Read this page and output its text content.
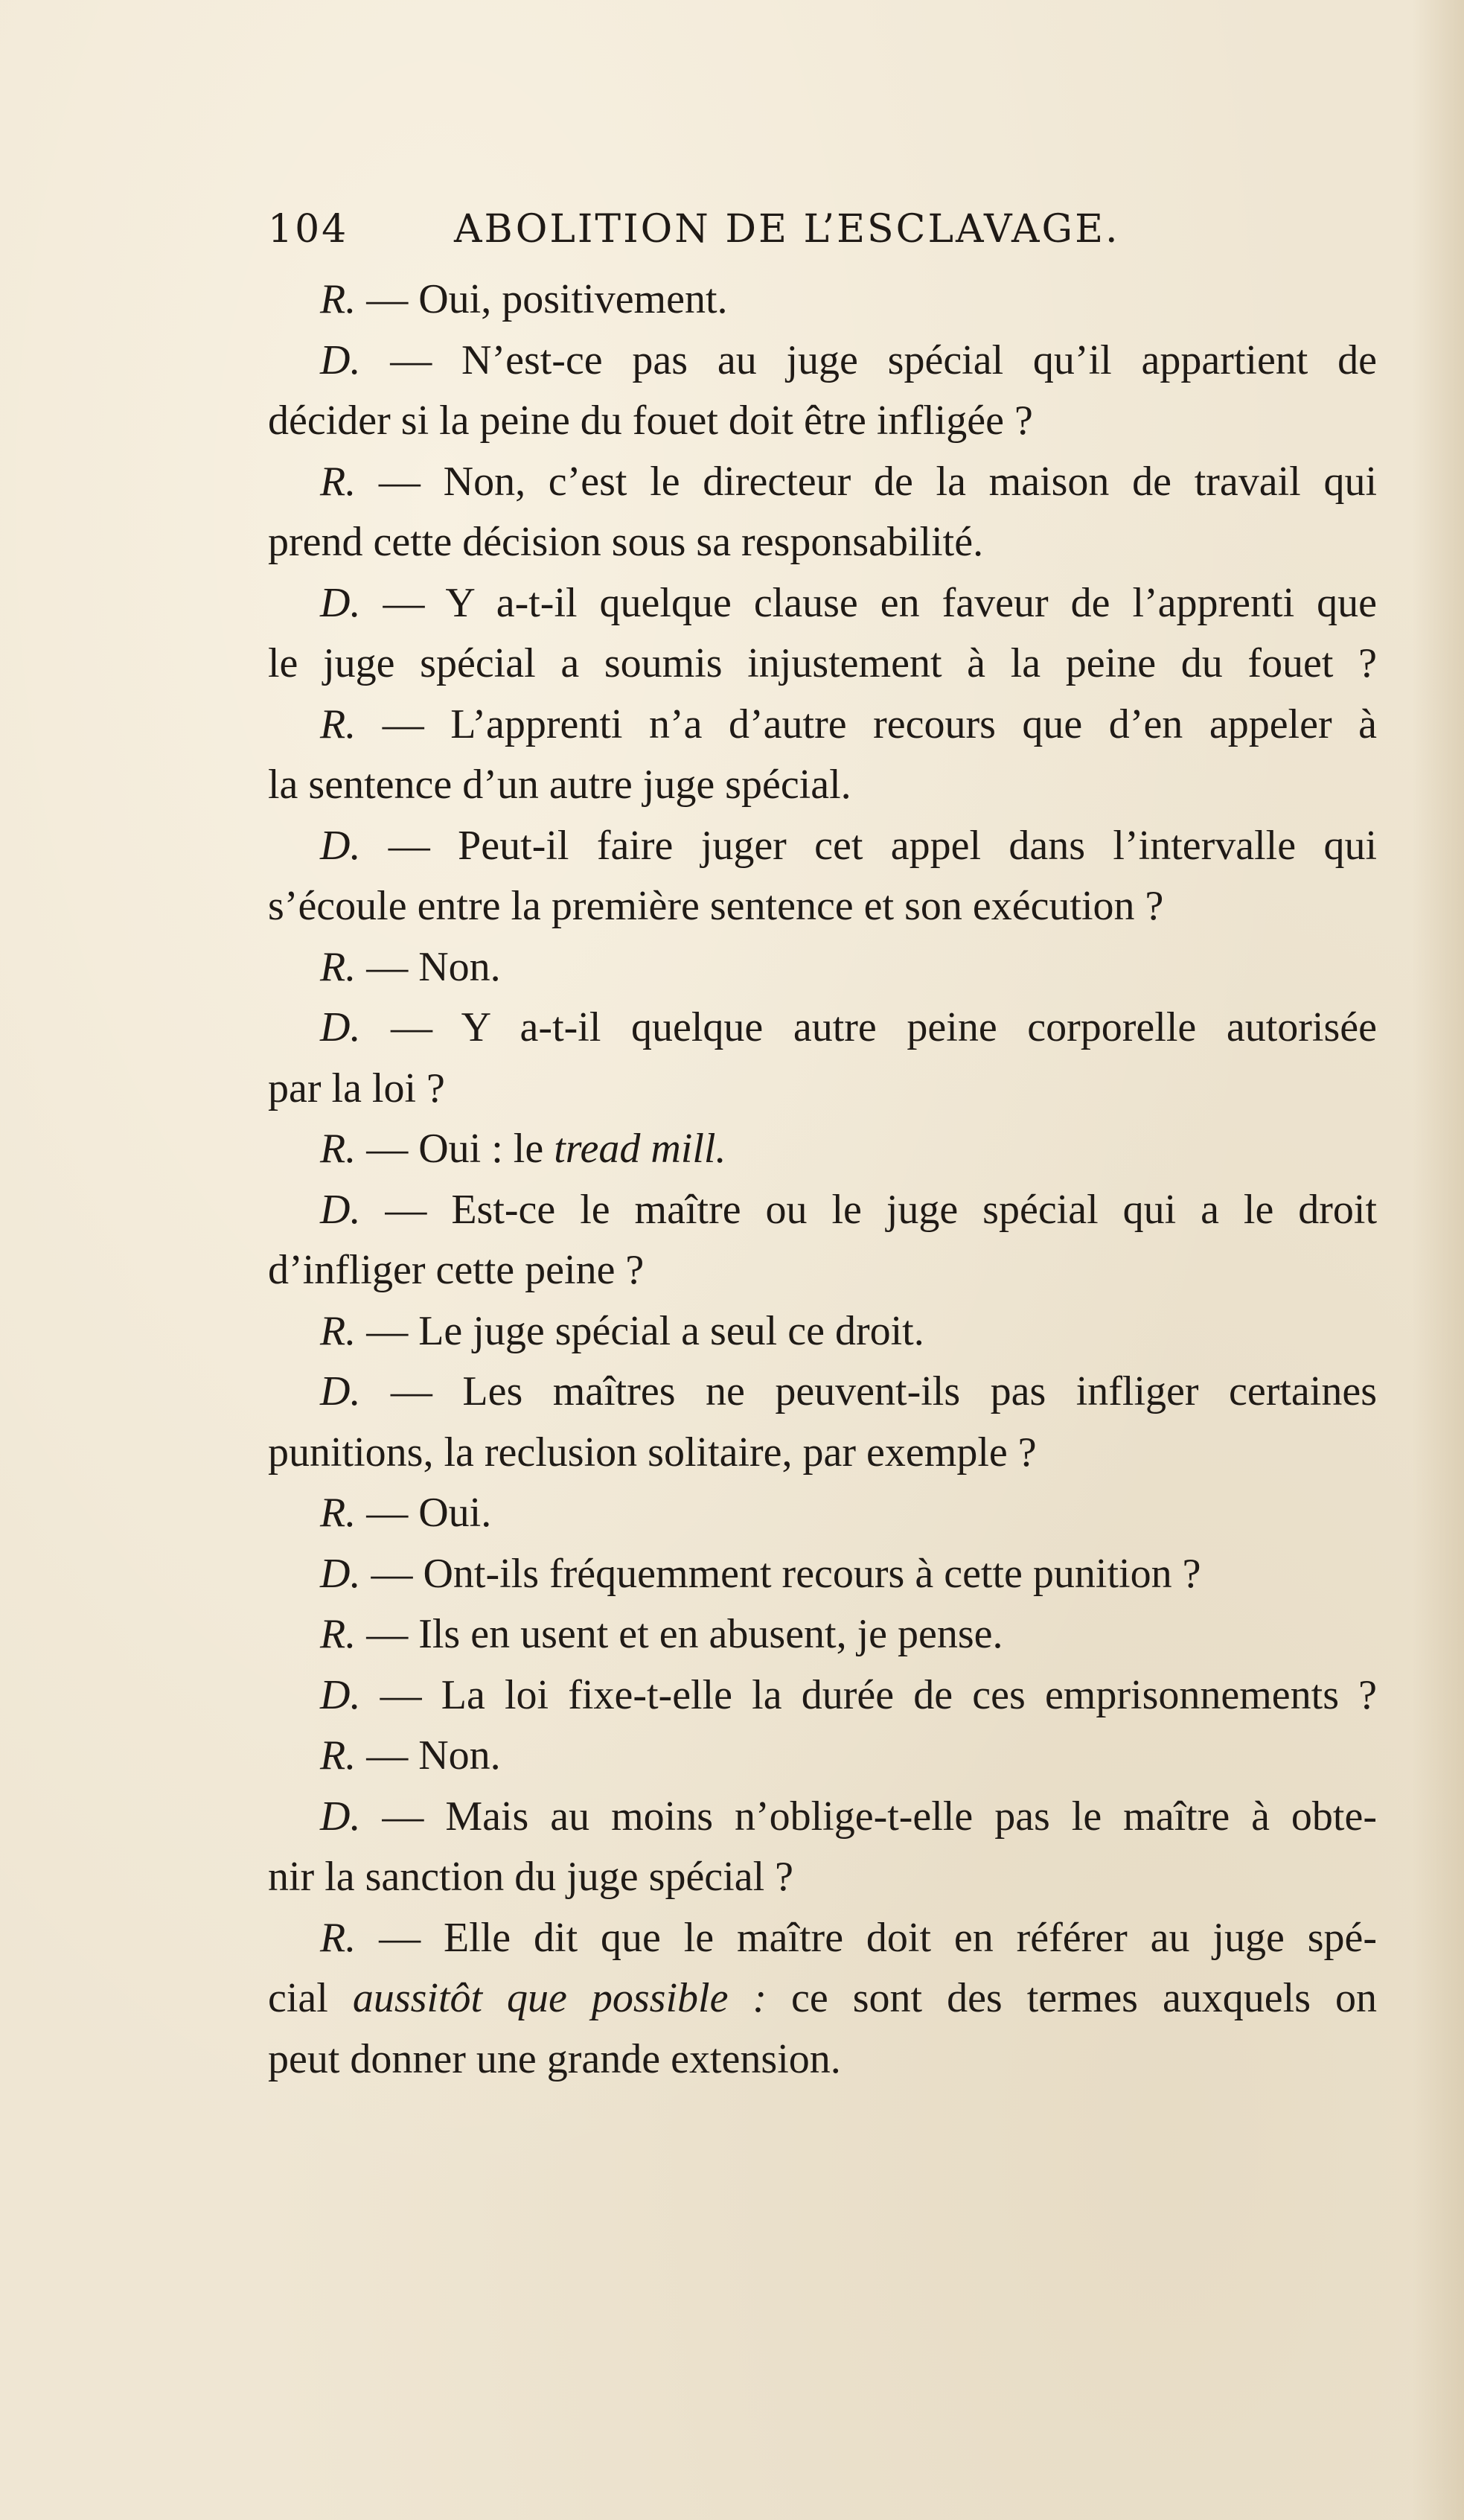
104	ABOLITION DE L’ESCLAVAGE.
R. — Oui, positivement.
D. — N’est-ce pas au juge spécial qu’il appartient de
décider si la peine du fouet doit être infligée ?
R. — Non, c’est le directeur de la maison de travail qui
prend cette décision sous sa responsabilité.
D. — Y a-t-il quelque clause en faveur de l’apprenti que
le juge spécial a soumis injustement à la peine du fouet ?
R. — L’apprenti n’a d’autre recours que d’en appeler à
la sentence d’un autre juge spécial.
D. — Peut-il faire juger cet appel dans l’intervalle qui
s’écoule entre la première sentence et son exécution ?
R. — Non.
D. — Y a-t-il quelque autre peine corporelle autorisée
par la loi ?
R. — Oui : le tread mill.
D. — Est-ce le maître ou le juge spécial qui a le droit
d’infliger cette peine ?
R. — Le juge spécial a seul ce droit.
D. — Les maîtres ne peuvent-ils pas infliger certaines
punitions, la reclusion solitaire, par exemple ?
R. — Oui.
D. — Ont-ils fréquemment recours à cette punition ?
R. — Ils en usent et en abusent, je pense.
D. — La loi fixe-t-elle la durée de ces emprisonnements ?
R. — Non.
D. — Mais au moins n’oblige-t-elle pas le maître à obte-
nir la sanction du juge spécial ?
R. — Elle dit que le maître doit en référer au juge spé-
cial aussitôt que possible : ce sont des termes auxquels on
peut donner une grande extension.
